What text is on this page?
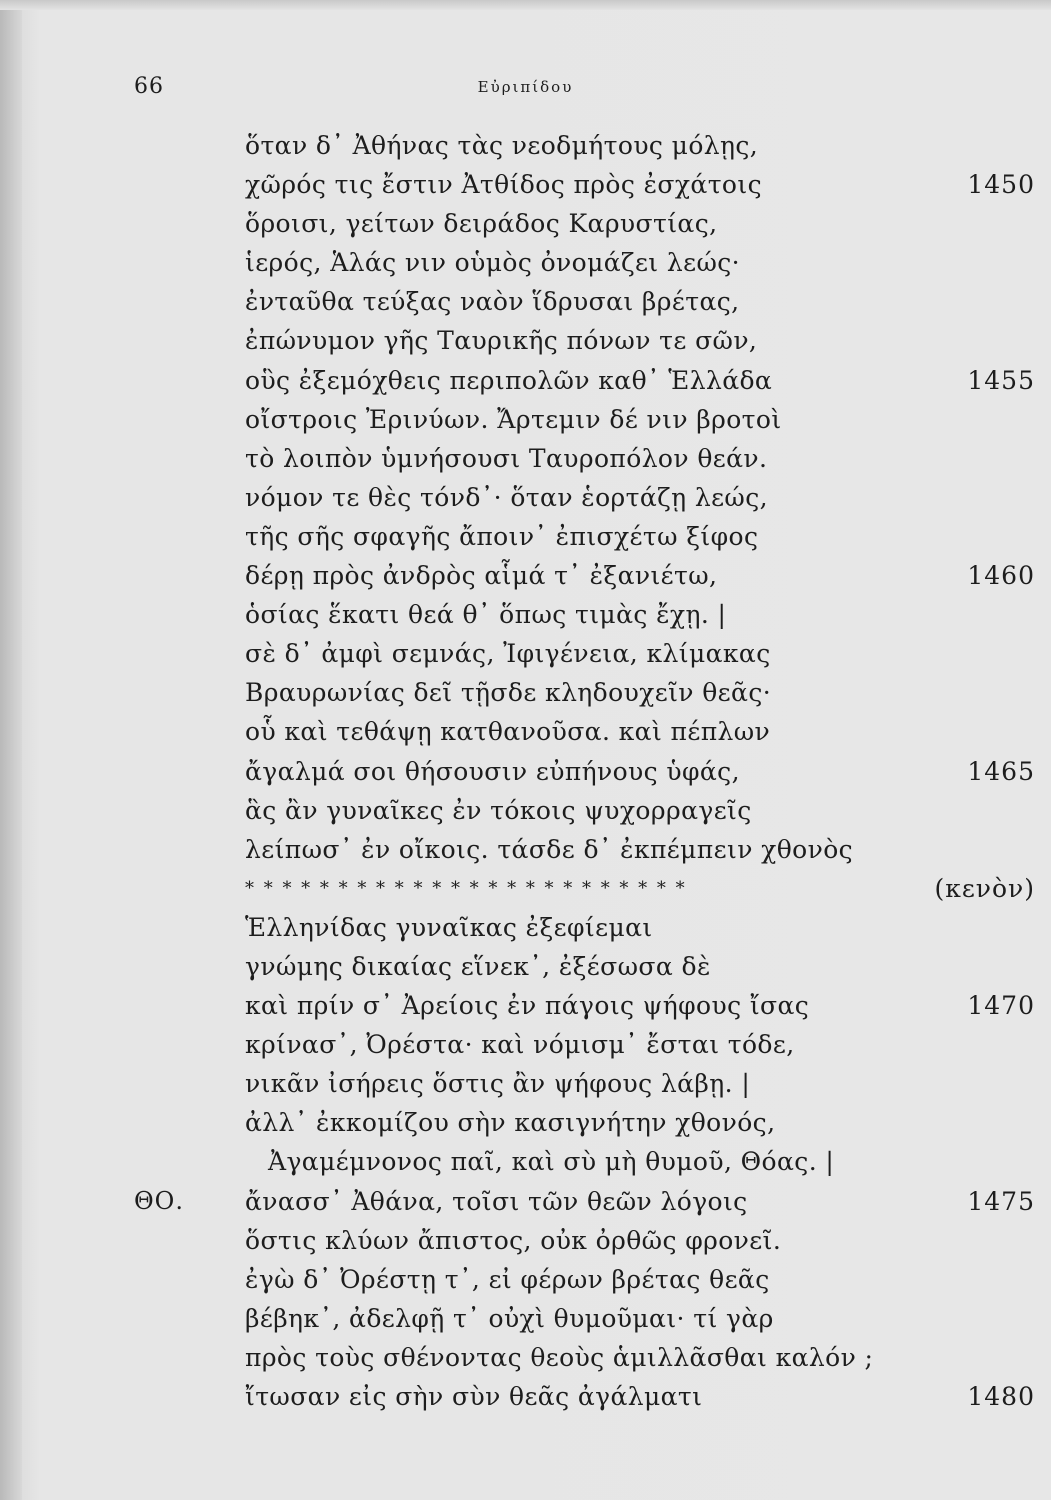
66	Εὐριπίδου
ὅταν δ᾽ Ἀθήνας τὰς νεοδμήτους μόλῃς,
χῶρός τις ἔστιν Ἀτθίδος πρὸς ἐσχάτοις	1450
ὅροισι, γείτων δειράδος Καρυστίας,
ἱερός, Ἁλάς νιν οὑμὸς ὀνομάζει λεώς·
ἐνταῦθα τεύξας ναὸν ἵδρυσαι βρέτας,
ἐπώνυμον γῆς Ταυρικῆς πόνων τε σῶν,
οὓς ἐξεμόχθεις περιπολῶν καθ᾽ Ἑλλάδα	1455
οἴστροις Ἐρινύων. Ἄρτεμιν δέ νιν βροτοὶ
τὸ λοιπὸν ὑμνήσουσι Ταυροπόλον θεάν.
νόμον τε θὲς τόνδ᾽· ὅταν ἑορτάζῃ λεώς,
τῆς σῆς σφαγῆς ἄποιν᾽ ἐπισχέτω ξίφος
δέρῃ πρὸς ἀνδρὸς αἷμά τ᾽ ἐξανιέτω,	1460
ὁσίας ἕκατι θεά θ᾽ ὅπως τιμὰς ἔχῃ. |
σὲ δ᾽ ἀμφὶ σεμνάς, Ἰφιγένεια, κλίμακας
Βραυρωνίας δεῖ τῇσδε κληδουχεῖν θεᾶς·
οὗ καὶ τεθάψῃ κατθανοῦσα. καὶ πέπλων
ἄγαλμά σοι θήσουσιν εὐπήνους ὑφάς,	1465
ἃς ἂν γυναῖκες ἐν τόκοις ψυχορραγεῖς
λείπωσ᾽ ἐν οἴκοις. τάσδε δ᾽ ἐκπέμπειν χθονὸς
* * * * * * * * * * * * * * * * * * * * * * * *	(κενὸν)
Ἑλληνίδας γυναῖκας ἐξεφίεμαι
γνώμης δικαίας εἵνεκ᾽, ἐξέσωσα δὲ
καὶ πρίν σ᾽ Ἀρείοις ἐν πάγοις ψήφους ἴσας	1470
κρίνασ᾽, Ὀρέστα· καὶ νόμισμ᾽ ἔσται τόδε,
νικᾶν ἰσήρεις ὅστις ἂν ψήφους λάβῃ. |
ἀλλ᾽ ἐκκομίζου σὴν κασιγνήτην χθονός,
Ἀγαμέμνονος παῖ, καὶ σὺ μὴ θυμοῦ, Θόας. |
ΘΟ. ἄνασσ᾽ Ἀθάνα, τοῖσι τῶν θεῶν λόγοις	1475
ὅστις κλύων ἄπιστος, οὐκ ὀρθῶς φρονεῖ.
ἐγὼ δ᾽ Ὀρέστῃ τ᾽, εἰ φέρων βρέτας θεᾶς
βέβηκ᾽, ἀδελφῇ τ᾽ οὐχὶ θυμοῦμαι· τί γὰρ
πρὸς τοὺς σθένοντας θεοὺς ἁμιλλᾶσθαι καλόν ;
ἴτωσαν εἰς σὴν σὺν θεᾶς ἀγάλματι	1480
